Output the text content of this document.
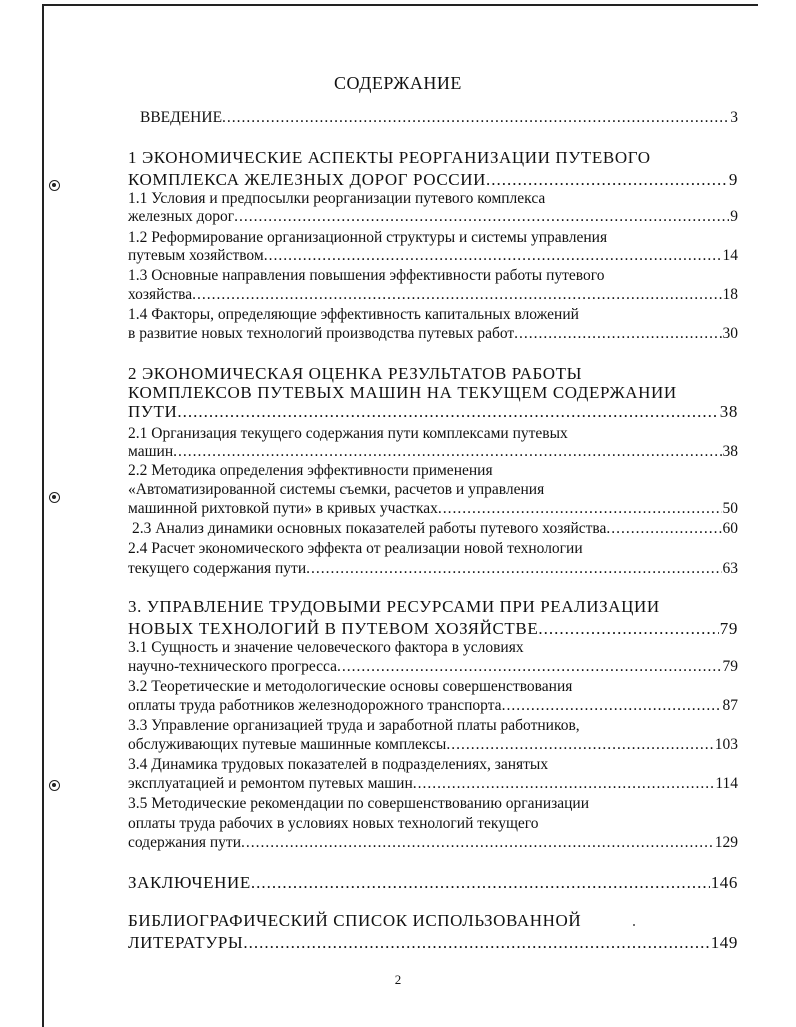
СОДЕРЖАНИЕ
ВВЕДЕНИЕ .....	3
1 ЭКОНОМИЧЕСКИЕ АСПЕКТЫ РЕОРГАНИЗАЦИИ ПУТЕВОГО
КОМПЛЕКСА ЖЕЛЕЗНЫХ ДОРОГ РОССИИ .....	9
1.1 Условия и предпосылки реорганизации путевого комплекса
железных дорог .....	9
1.2 Реформирование организационной структуры и системы управления
путевым хозяйством .....	14
1.3 Основные направления повышения эффективности работы путевого
хозяйства .....	18
1.4 Факторы, определяющие эффективность капитальных вложений
в развитие новых технологий производства путевых работ .....	30
2 ЭКОНОМИЧЕСКАЯ ОЦЕНКА РЕЗУЛЬТАТОВ РАБОТЫ
КОМПЛЕКСОВ ПУТЕВЫХ МАШИН НА ТЕКУЩЕМ СОДЕРЖАНИИ
ПУТИ .....	38
2.1 Организация текущего содержания пути комплексами путевых
машин .....	38
2.2 Методика определения эффективности применения
«Автоматизированной системы съемки, расчетов и управления
машинной рихтовкой пути» в кривых участках .....	50
2.3 Анализ динамики основных показателей работы путевого хозяйства .....	60
2.4 Расчет экономического эффекта от реализации новой технологии
текущего содержания пути .....	63
3. УПРАВЛЕНИЕ ТРУДОВЫМИ РЕСУРСАМИ ПРИ РЕАЛИЗАЦИИ
НОВЫХ ТЕХНОЛОГИЙ В ПУТЕВОМ ХОЗЯЙСТВЕ .....	79
3.1 Сущность и значение человеческого фактора в условиях
научно-технического прогресса .....	79
3.2 Теоретические и методологические основы совершенствования
оплаты труда работников железнодорожного транспорта .....	87
3.3 Управление организацией труда и заработной платы работников,
обслуживающих путевые машинные комплексы .....	103
3.4 Динамика трудовых показателей в подразделениях, занятых
эксплуатацией и ремонтом путевых машин .....	114
3.5 Методические рекомендации по совершенствованию организации
оплаты труда рабочих в условиях новых технологий текущего
содержания пути .....	129
ЗАКЛЮЧЕНИЕ .....	146
БИБЛИОГРАФИЧЕСКИЙ СПИСОК ИСПОЛЬЗОВАННОЙ
ЛИТЕРАТУРЫ .....	149
2
